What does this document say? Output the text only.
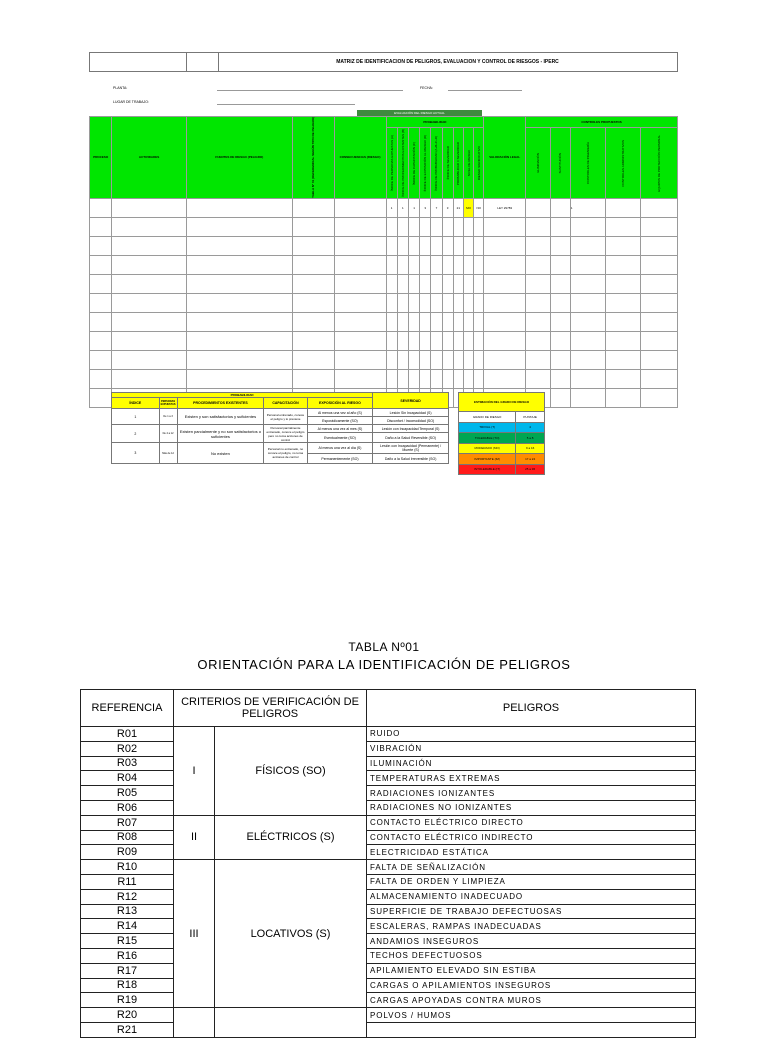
MATRIZ DE IDENTIFICACION DE PELIGROS, EVALUACION Y CONTROL DE RIESGOS - IPERC
PLANTA:	FECHA:
LUGAR DE TRABAJO:
EVALUACIÓN DEL RIESGO ACTUAL
PROCESO	ACTIVIDADES	FUENTES DE RIESGO (PELIGRO)	TABLA Nº 01 (REFERENCIAL SEGÚN TIPO DE PELIGRO)	CONSECUENCIAS (RIESGO)	PROBABILIDAD									VALORACIÓN LEGAL	CONTROLES PROPUESTOS				

					ÍNDICE DE PERSONAS EXPUESTAS (A)	ÍNDICE DE PROCEDIMIENTOS EXISTENTES (B)	ÍNDICE DE CAPACITACIÓN (C)	ÍNDICE DE EXPOSICIÓN AL RIESGO (D)	ÍNDICE DE PROBABILIDAD (A+B+C+D)	ÍNDICE DE SEVERIDAD	PROBABILIDAD X SEVERIDAD	NIVEL DE RIESGO	RIESGO SIGNIFICATIVO		ELIMINACIÓN	SUSTITUCIÓN	CONTROLES DE INGENIERÍA	CONTROLES ADMINISTRATIVOS	EQUIPOS DE PROTECCIÓN PERSONAL

					1	1	1	3	7	3	21	MO	NO	LEY 29783			1		

PROBABILIDAD					SEVERIDAD
ÍNDICE	PERSONAS EXPUESTAS	PROCEDIMIENTOS EXISTENTES	CAPACITACIÓN	EXPOSICIÓN AL RIESGO	
1	De 1 a 3	Existen y son satisfactorios y suficientes	Personal entrenado, conoce el peligro y lo previene	Al menos una vez al año (S)	Lesión Sin Incapacidad (S)
				Esporádicamente (SO)	Disconfort / Incomodidad (SO)
2	De 4 a 12	Existen parcialmente y no son satisfactorios o suficientes	Personal parcialmente entrenado, conoce el peligro pero no toma acciones de control	Al menos una vez al mes (S)	Lesión con Incapacidad Temporal (S)
				Eventualmente (SO)	Daño a la Salud Reversible (SO)
3	Más de 12	No existen	Personal no entrenado, no conoce el peligro, no toma acciones de control	Al menos una vez al día (S)	Lesión con Incapacidad (Permanente) / Muerte (S)
				Permanentemente (SO)	Daño a la Salud Irreversible (SO)
ESTIMACIÓN DEL GRADO DE RIESGO	
GRADO DE RIESGO	PUNTAJE
TRIVIAL (T)	4
TOLERABLE (TO)	5 a 8
MODERADO (MO)	9 a 16
IMPORTANTE (IM)	17 a 24
INTOLERABLE (IT)	25 a 36
TABLA Nº01
ORIENTACIÓN PARA LA IDENTIFICACIÓN DE PELIGROS
REFERENCIA	CRITERIOS DE VERIFICACIÓN DE PELIGROS		PELIGROS
R01	I	FÍSICOS (SO)	RUIDO
R02			VIBRACIÓN
R03			ILUMINACIÓN
R04			TEMPERATURAS EXTREMAS
R05			RADIACIONES IONIZANTES
R06			RADIACIONES NO IONIZANTES
R07	II	ELÉCTRICOS (S)	CONTACTO ELÉCTRICO DIRECTO
R08			CONTACTO ELÉCTRICO INDIRECTO
R09			ELECTRICIDAD ESTÁTICA
R10	III	LOCATIVOS (S)	FALTA DE SEÑALIZACIÓN
R11			FALTA DE ORDEN Y LIMPIEZA
R12			ALMACENAMIENTO INADECUADO
R13			SUPERFICIE DE TRABAJO DEFECTUOSAS
R14			ESCALERAS, RAMPAS INADECUADAS
R15			ANDAMIOS INSEGUROS
R16			TECHOS DEFECTUOSOS
R17			APILAMIENTO ELEVADO SIN ESTIBA
R18			CARGAS O APILAMIENTOS INSEGUROS
R19			CARGAS APOYADAS CONTRA MUROS
R20			POLVOS / HUMOS
R21			
